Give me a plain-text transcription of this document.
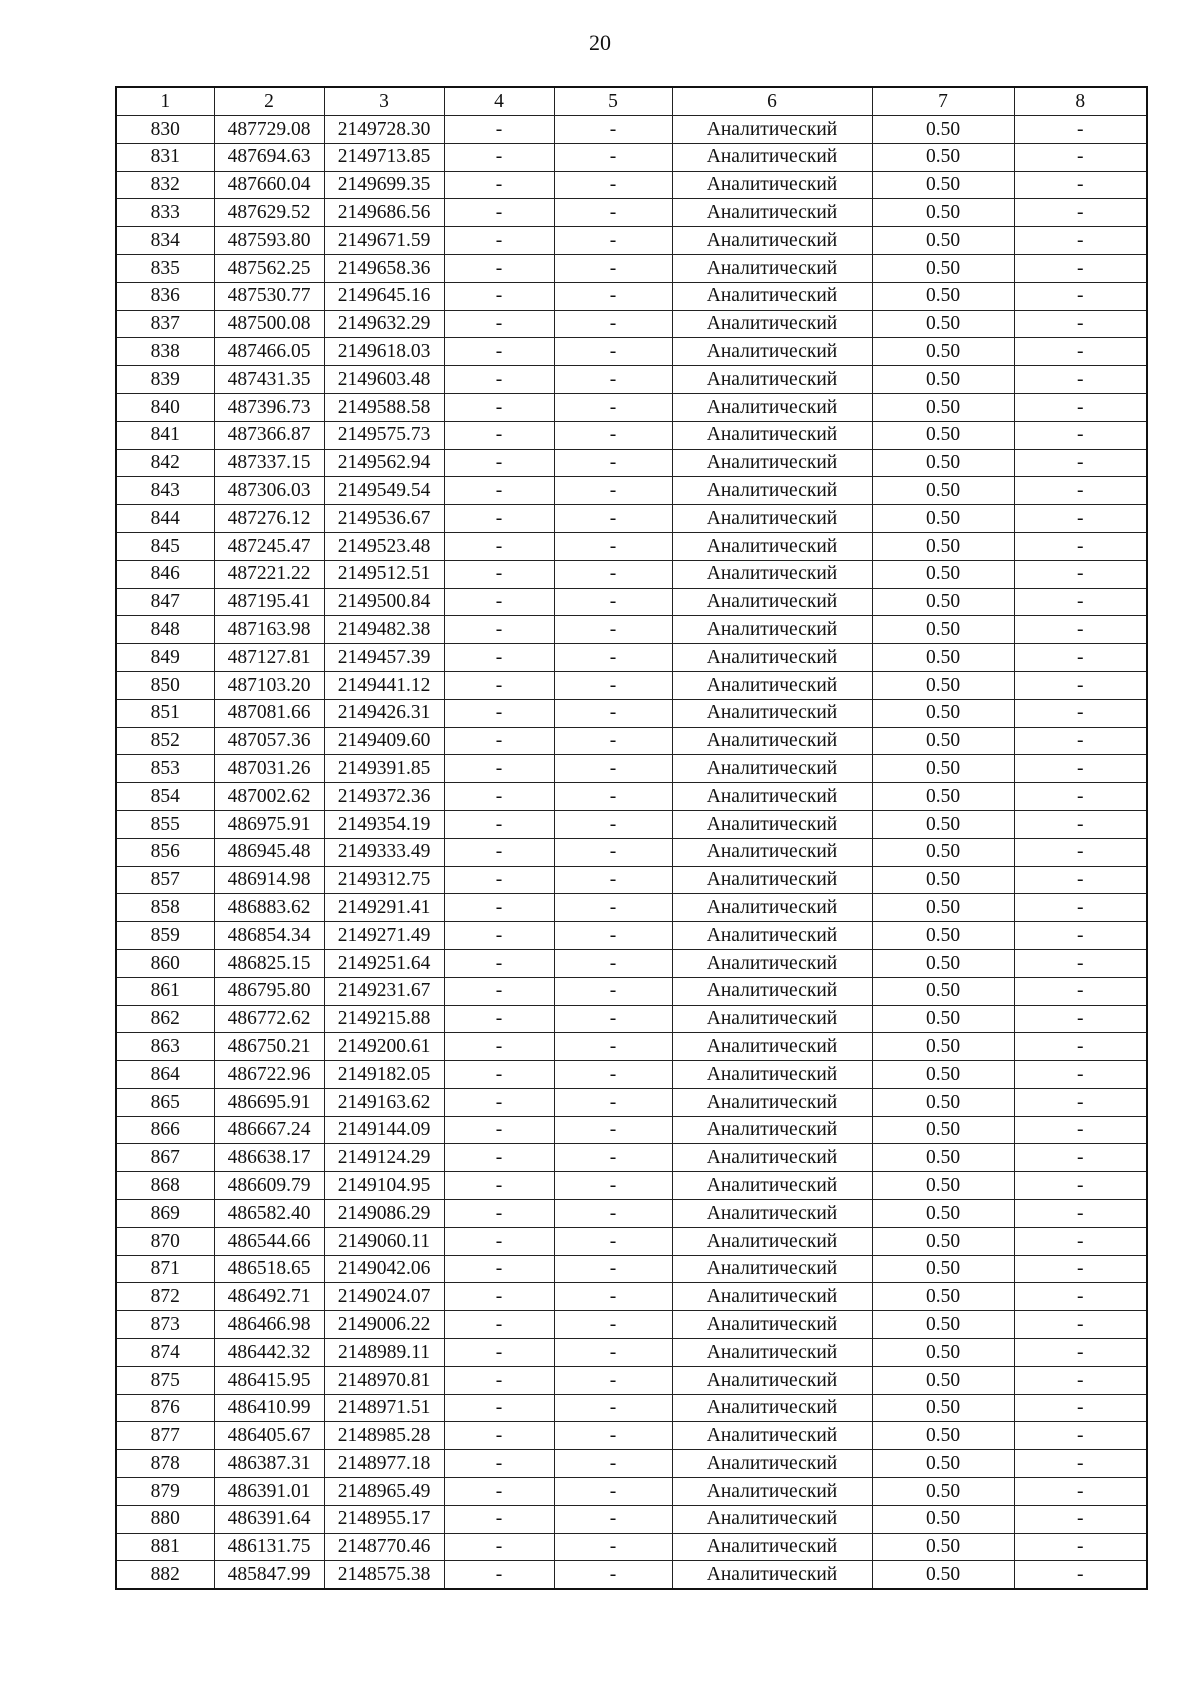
20
1	2	3	4	5	6	7	8
830	487729.08	2149728.30	-	-	Аналитический	0.50	-
831	487694.63	2149713.85	-	-	Аналитический	0.50	-
832	487660.04	2149699.35	-	-	Аналитический	0.50	-
833	487629.52	2149686.56	-	-	Аналитический	0.50	-
834	487593.80	2149671.59	-	-	Аналитический	0.50	-
835	487562.25	2149658.36	-	-	Аналитический	0.50	-
836	487530.77	2149645.16	-	-	Аналитический	0.50	-
837	487500.08	2149632.29	-	-	Аналитический	0.50	-
838	487466.05	2149618.03	-	-	Аналитический	0.50	-
839	487431.35	2149603.48	-	-	Аналитический	0.50	-
840	487396.73	2149588.58	-	-	Аналитический	0.50	-
841	487366.87	2149575.73	-	-	Аналитический	0.50	-
842	487337.15	2149562.94	-	-	Аналитический	0.50	-
843	487306.03	2149549.54	-	-	Аналитический	0.50	-
844	487276.12	2149536.67	-	-	Аналитический	0.50	-
845	487245.47	2149523.48	-	-	Аналитический	0.50	-
846	487221.22	2149512.51	-	-	Аналитический	0.50	-
847	487195.41	2149500.84	-	-	Аналитический	0.50	-
848	487163.98	2149482.38	-	-	Аналитический	0.50	-
849	487127.81	2149457.39	-	-	Аналитический	0.50	-
850	487103.20	2149441.12	-	-	Аналитический	0.50	-
851	487081.66	2149426.31	-	-	Аналитический	0.50	-
852	487057.36	2149409.60	-	-	Аналитический	0.50	-
853	487031.26	2149391.85	-	-	Аналитический	0.50	-
854	487002.62	2149372.36	-	-	Аналитический	0.50	-
855	486975.91	2149354.19	-	-	Аналитический	0.50	-
856	486945.48	2149333.49	-	-	Аналитический	0.50	-
857	486914.98	2149312.75	-	-	Аналитический	0.50	-
858	486883.62	2149291.41	-	-	Аналитический	0.50	-
859	486854.34	2149271.49	-	-	Аналитический	0.50	-
860	486825.15	2149251.64	-	-	Аналитический	0.50	-
861	486795.80	2149231.67	-	-	Аналитический	0.50	-
862	486772.62	2149215.88	-	-	Аналитический	0.50	-
863	486750.21	2149200.61	-	-	Аналитический	0.50	-
864	486722.96	2149182.05	-	-	Аналитический	0.50	-
865	486695.91	2149163.62	-	-	Аналитический	0.50	-
866	486667.24	2149144.09	-	-	Аналитический	0.50	-
867	486638.17	2149124.29	-	-	Аналитический	0.50	-
868	486609.79	2149104.95	-	-	Аналитический	0.50	-
869	486582.40	2149086.29	-	-	Аналитический	0.50	-
870	486544.66	2149060.11	-	-	Аналитический	0.50	-
871	486518.65	2149042.06	-	-	Аналитический	0.50	-
872	486492.71	2149024.07	-	-	Аналитический	0.50	-
873	486466.98	2149006.22	-	-	Аналитический	0.50	-
874	486442.32	2148989.11	-	-	Аналитический	0.50	-
875	486415.95	2148970.81	-	-	Аналитический	0.50	-
876	486410.99	2148971.51	-	-	Аналитический	0.50	-
877	486405.67	2148985.28	-	-	Аналитический	0.50	-
878	486387.31	2148977.18	-	-	Аналитический	0.50	-
879	486391.01	2148965.49	-	-	Аналитический	0.50	-
880	486391.64	2148955.17	-	-	Аналитический	0.50	-
881	486131.75	2148770.46	-	-	Аналитический	0.50	-
882	485847.99	2148575.38	-	-	Аналитический	0.50	-
